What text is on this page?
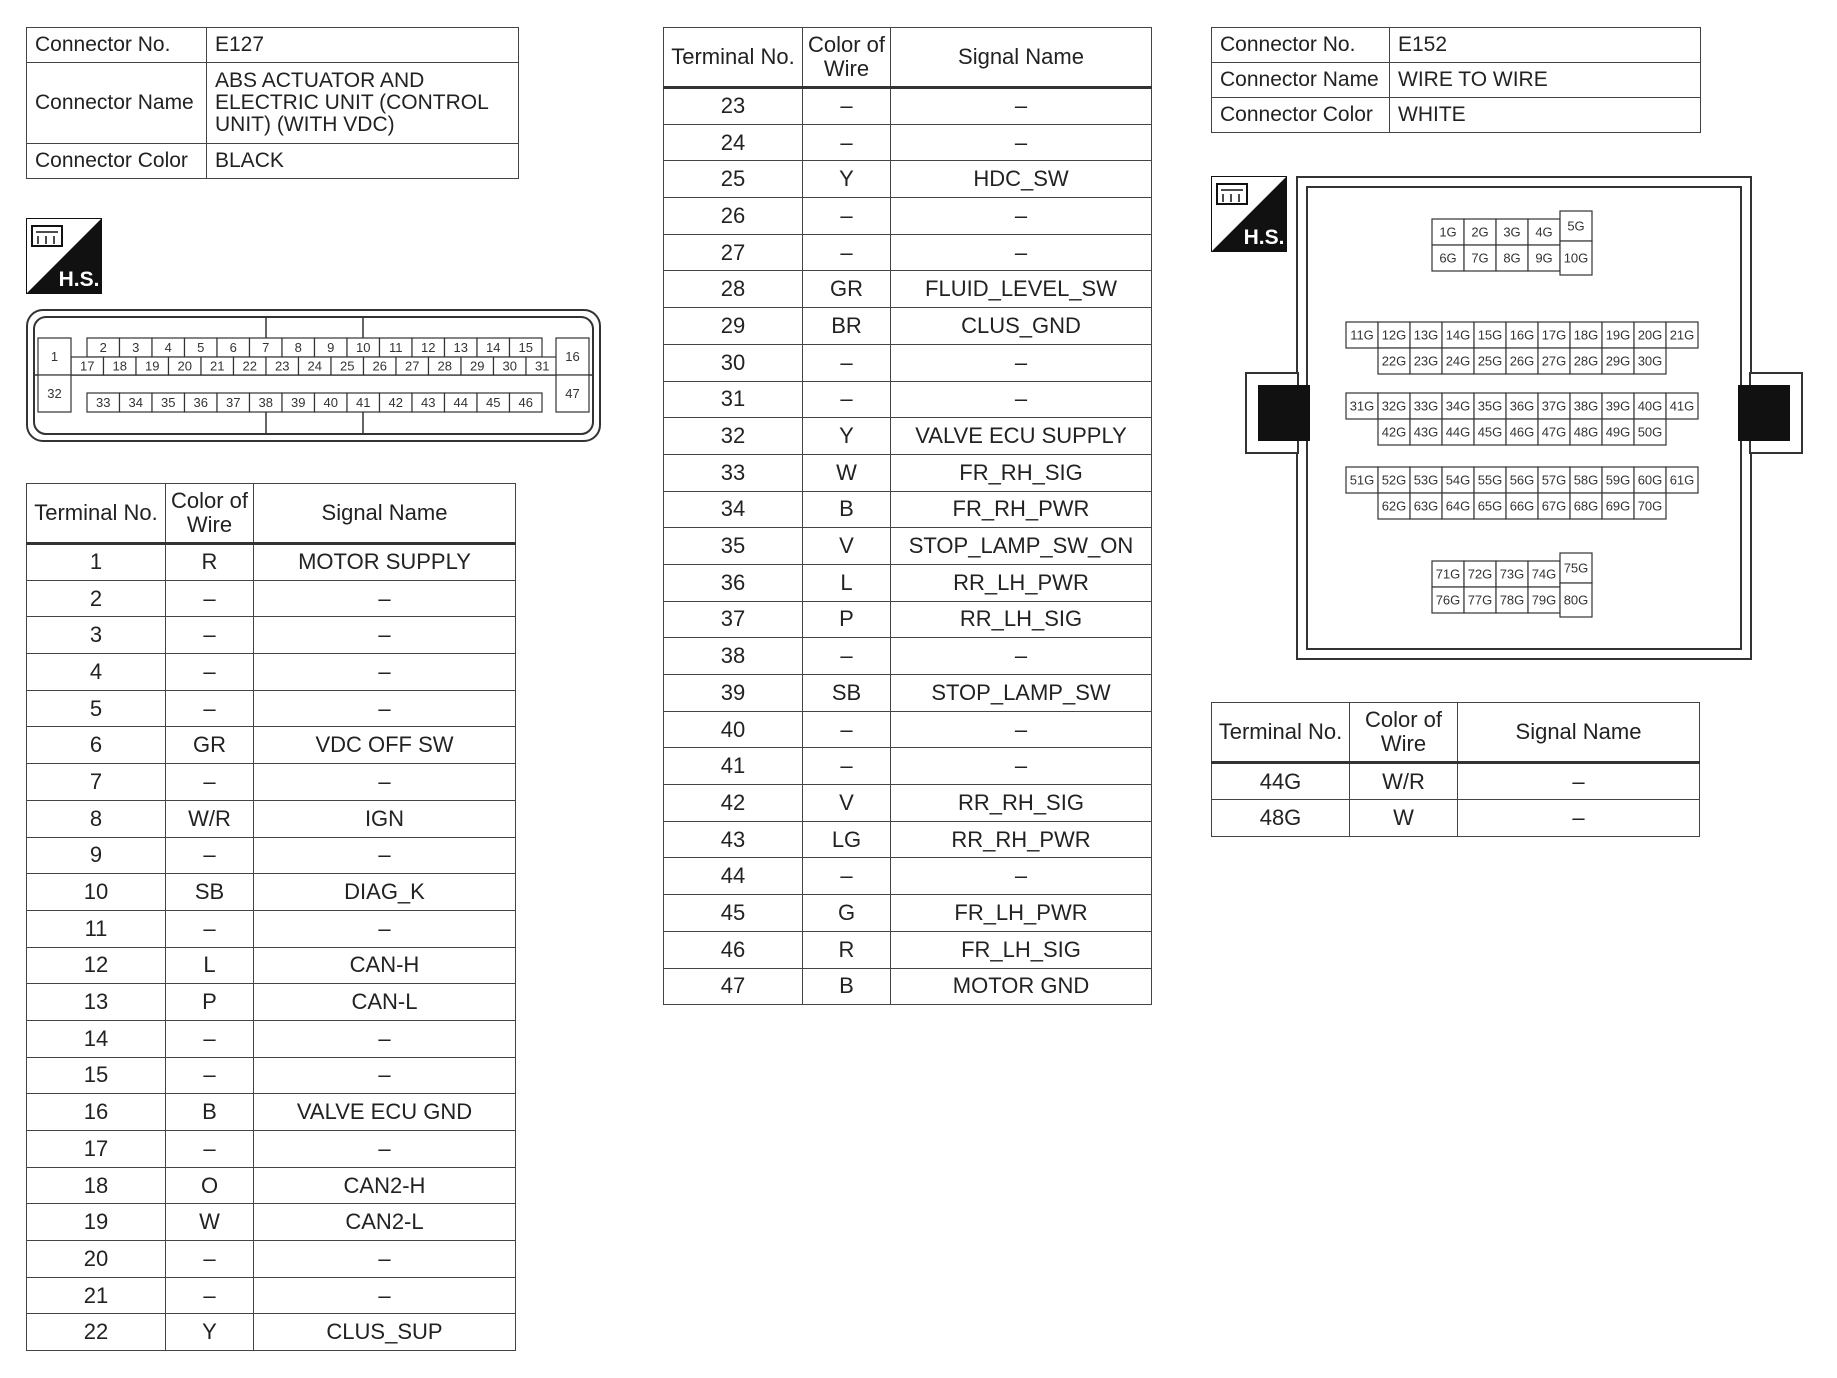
Connector No.	E127
Connector Name	ABS ACTUATOR AND ELECTRIC UNIT (CONTROL UNIT) (WITH VDC)
Connector Color	BLACK
H.S.
2 3 4 5 6 7 8 9 10 11 12 13 14 15
17 18 19 20 21 22 23 24 25 26 27 28 29 30 31
33 34 35 36 37 38 39 40 41 42 43 44 45 46
1
32
16
47
Terminal No.	Color of Wire	Signal Name
1	R	MOTOR SUPPLY
2	–	–
3	–	–
4	–	–
5	–	–
6	GR	VDC OFF SW
7	–	–
8	W/R	IGN
9	–	–
10	SB	DIAG_K
11	–	–
12	L	CAN-H
13	P	CAN-L
14	–	–
15	–	–
16	B	VALVE ECU GND
17	–	–
18	O	CAN2-H
19	W	CAN2-L
20	–	–
21	–	–
22	Y	CLUS_SUP
Terminal No.	Color of Wire	Signal Name
23	–	–
24	–	–
25	Y	HDC_SW
26	–	–
27	–	–
28	GR	FLUID_LEVEL_SW
29	BR	CLUS_GND
30	–	–
31	–	–
32	Y	VALVE ECU SUPPLY
33	W	FR_RH_SIG
34	B	FR_RH_PWR
35	V	STOP_LAMP_SW_ON
36	L	RR_LH_PWR
37	P	RR_LH_SIG
38	–	–
39	SB	STOP_LAMP_SW
40	–	–
41	–	–
42	V	RR_RH_SIG
43	LG	RR_RH_PWR
44	–	–
45	G	FR_LH_PWR
46	R	FR_LH_SIG
47	B	MOTOR GND
Connector No.	E152
Connector Name	WIRE TO WIRE
Connector Color	WHITE
H.S.	1G 2G 3G 4G
6G 7G 8G 9G
5G
10G
11G 12G 13G 14G 15G 16G 17G 18G 19G 20G 21G
22G 23G 24G 25G 26G 27G 28G 29G 30G
31G 32G 33G 34G 35G 36G 37G 38G 39G 40G 41G
42G 43G 44G 45G 46G 47G 48G 49G 50G
51G 52G 53G 54G 55G 56G 57G 58G 59G 60G 61G
62G 63G 64G 65G 66G 67G 68G 69G 70G
71G 72G 73G 74G
76G 77G 78G 79G
75G
80G
Terminal No.	Color of Wire	Signal Name
44G	W/R	–
48G	W	–
